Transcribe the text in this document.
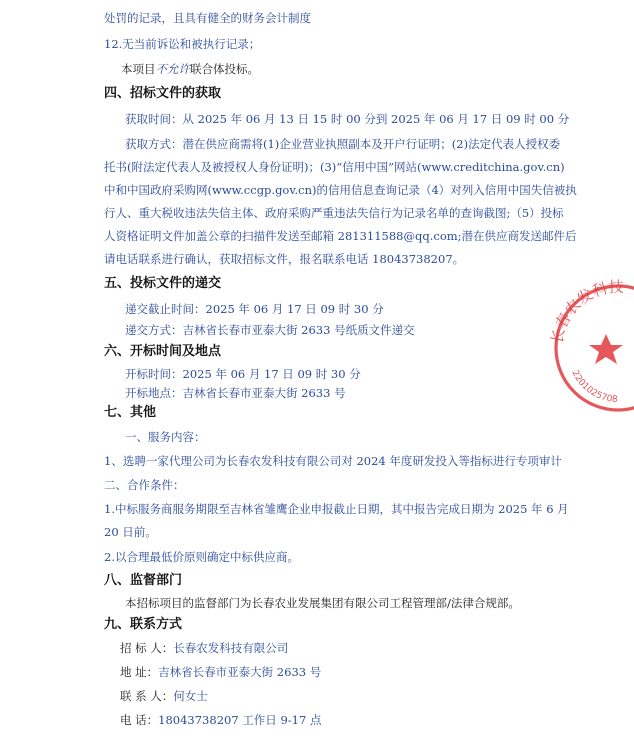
处罚的记录，且具有健全的财务会计制度
12.无当前诉讼和被执行记录；
本项目不允许联合体投标。
四、招标文件的获取
获取时间：从 2025 年 06 月 13 日 15 时 00 分到 2025 年 06 月 17 日 09 时 00 分
获取方式：潜在供应商需将(1)企业营业执照副本及开户行证明；(2)法定代表人授权委
托书(附法定代表人及被授权人身份证明)；(3)“信用中国”网站(www.creditchina.gov.cn)
中和中国政府采购网(www.ccgp.gov.cn)的信用信息查询记录（4）对列入信用中国失信被执
行人、重大税收违法失信主体、政府采购严重违法失信行为记录名单的查询截图;（5）投标
人资格证明文件加盖公章的扫描件发送至邮箱 281311588@qq.com;潜在供应商发送邮件后
请电话联系进行确认，获取招标文件，报名联系电话 18043738207。
五、投标文件的递交
递交截止时间：2025 年 06 月 17 日 09 时 30 分
递交方式：吉林省长春市亚泰大街 2633 号纸质文件递交
六、开标时间及地点
开标时间：2025 年 06 月 17 日 09 时 30 分
开标地点：吉林省长春市亚泰大街 2633 号
七、其他
一、服务内容：
1、选聘一家代理公司为长春农发科技有限公司对 2024 年度研发投入等指标进行专项审计
二、合作条件：
1.中标服务商服务期限至吉林省雏鹰企业申报截止日期，其中报告完成日期为 2025 年 6 月
20 日前。
2.以合理最低价原则确定中标供应商。
八、监督部门
本招标项目的监督部门为长春农业发展集团有限公司工程管理部/法律合规部。
九、联系方式
招 标 人：长春农发科技有限公司
地 址：吉林省长春市亚泰大街 2633 号
联 系 人：何女士
电 话：18043738207 工作日 9-17 点
长春农发科技
2201025708
